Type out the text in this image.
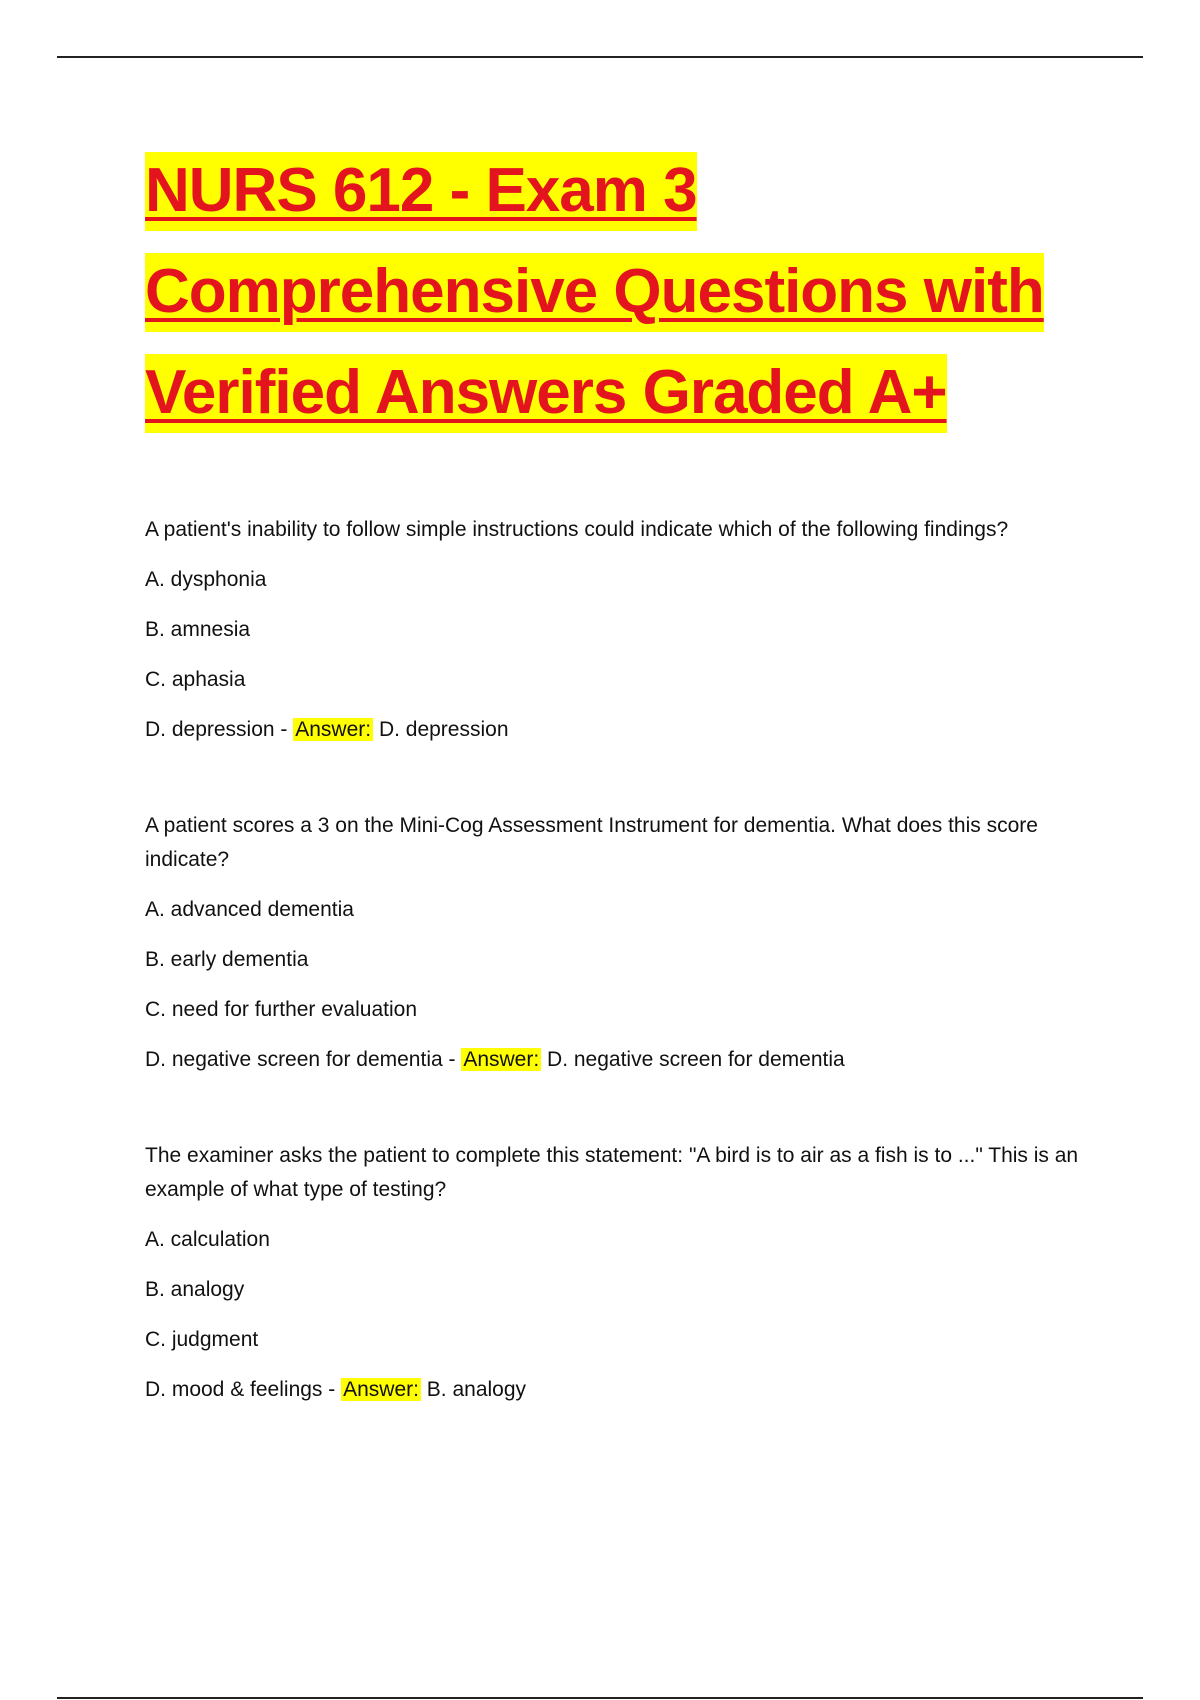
NURS 612 - Exam 3 Comprehensive Questions with Verified Answers Graded A+

A patient's inability to follow simple instructions could indicate which of the following findings?

A. dysphonia

B. amnesia

C. aphasia

D. depression - Answer: D. depression

A patient scores a 3 on the Mini-Cog Assessment Instrument for dementia. What does this score indicate?

A. advanced dementia

B. early dementia

C. need for further evaluation

D. negative screen for dementia - Answer: D. negative screen for dementia

The examiner asks the patient to complete this statement: "A bird is to air as a fish is to ..." This is an example of what type of testing?

A. calculation

B. analogy

C. judgment

D. mood & feelings - Answer: B. analogy
